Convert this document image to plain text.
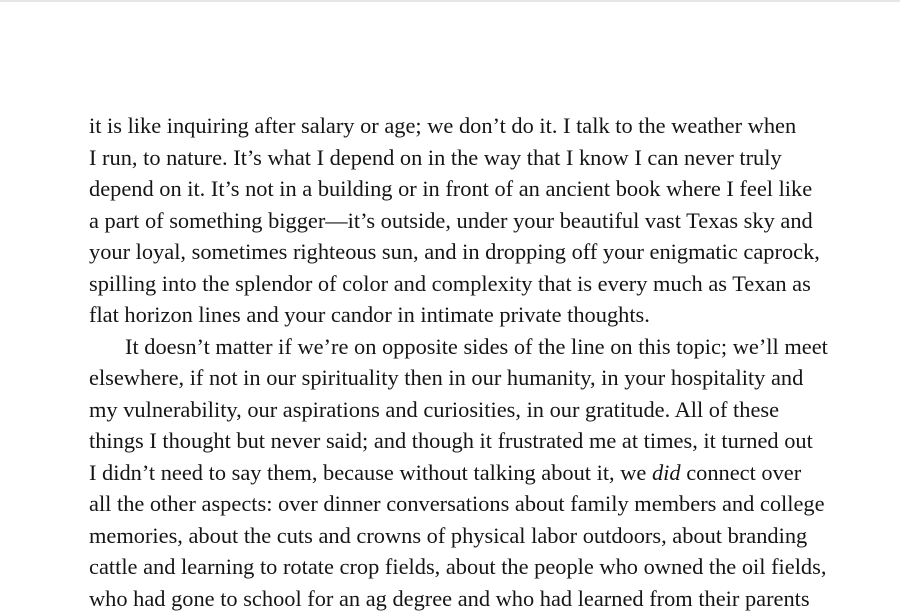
it is like inquiring after salary or age; we don’t do it. I talk to the weather when
I run, to nature. It’s what I depend on in the way that I know I can never truly
depend on it. It’s not in a building or in front of an ancient book where I feel like
a part of something bigger—it’s outside, under your beautiful vast Texas sky and
your loyal, sometimes righteous sun, and in dropping off your enigmatic caprock,
spilling into the splendor of color and complexity that is every much as Texan as
flat horizon lines and your candor in intimate private thoughts.
It doesn’t matter if we’re on opposite sides of the line on this topic; we’ll meet
elsewhere, if not in our spirituality then in our humanity, in your hospitality and
my vulnerability, our aspirations and curiosities, in our gratitude. All of these
things I thought but never said; and though it frustrated me at times, it turned out
I didn’t need to say them, because without talking about it, we did connect over
all the other aspects: over dinner conversations about family members and college
memories, about the cuts and crowns of physical labor outdoors, about branding
cattle and learning to rotate crop fields, about the people who owned the oil fields,
who had gone to school for an ag degree and who had learned from their parents
